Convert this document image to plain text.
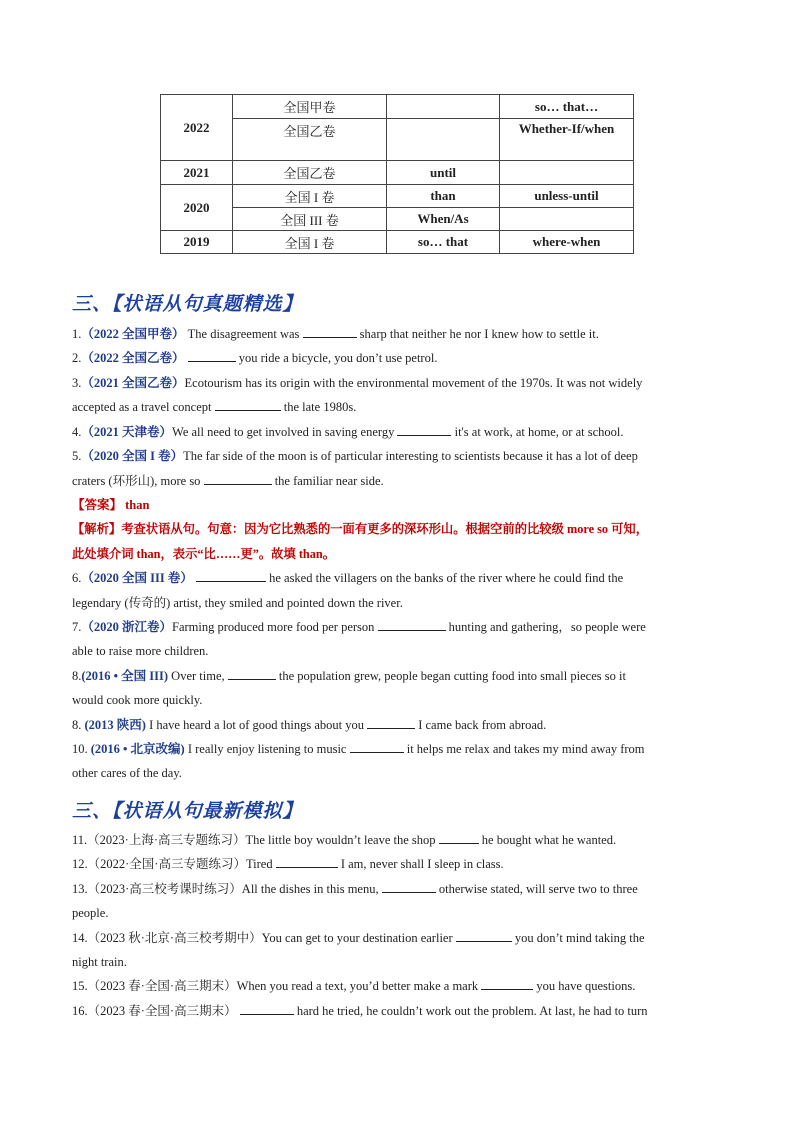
2022	全国甲卷		so… that…
	全国乙卷		Whether-If/when
2021	全国乙卷	until	
2020	全国 I 卷	than	unless-until
	全国 III 卷	When/As	
2019	全国 I 卷	so… that	where-when
三、【状语从句真题精选】
1.（2022 全国甲卷） The disagreement was	sharp that neither he nor I knew how to settle it.
2.（2022 全国乙卷）	you ride a bicycle, you don’t use petrol.
3.（2021 全国乙卷）Ecotourism has its origin with the environmental movement of the 1970s. It was not widely
accepted as a travel concept	the late 1980s.
4.（2021 天津卷）We all need to get involved in saving energy	it's at work, at home, or at school.
5.（2020 全国 I 卷）The far side of the moon is of particular interesting to scientists because it has a lot of deep
craters (环形山), more so	the familiar near side.
【答案】 than
【解析】考查状语从句。句意：因为它比熟悉的一面有更多的深环形山。根据空前的比较级 more so 可知，
此处填介词 than，表示“比……更”。故填 than。
6.（2020 全国 III 卷）	he asked the villagers on the banks of the river where he could find the
legendary (传奇的) artist, they smiled and pointed down the river.
7.（2020 浙江卷）Farming produced more food per person	hunting and gathering，so people were
able to raise more children.
8.(2016 • 全国 III) Over time,	the population grew, people began cutting food into small pieces so it
would cook more quickly.
8. (2013 陕西) I have heard a lot of good things about you	I came back from abroad.
10. (2016 • 北京改编) I really enjoy listening to music	it helps me relax and takes my mind away from
other cares of the day.
三、【状语从句最新模拟】
11.（2023·上海·高三专题练习）The little boy wouldn’t leave the shop	he bought what he wanted.
12.（2022·全国·高三专题练习）Tired	I am, never shall I sleep in class.
13.（2023·高三校考课时练习）All the dishes in this menu,	otherwise stated, will serve two to three
people.
14.（2023 秋·北京·高三校考期中）You can get to your destination earlier	you don’t mind taking the
night train.
15.（2023 春·全国·高三期末）When you read a text, you’d better make a mark	you have questions.
16.（2023 春·全国·高三期末）	hard he tried, he couldn’t work out the problem. At last, he had to turn
